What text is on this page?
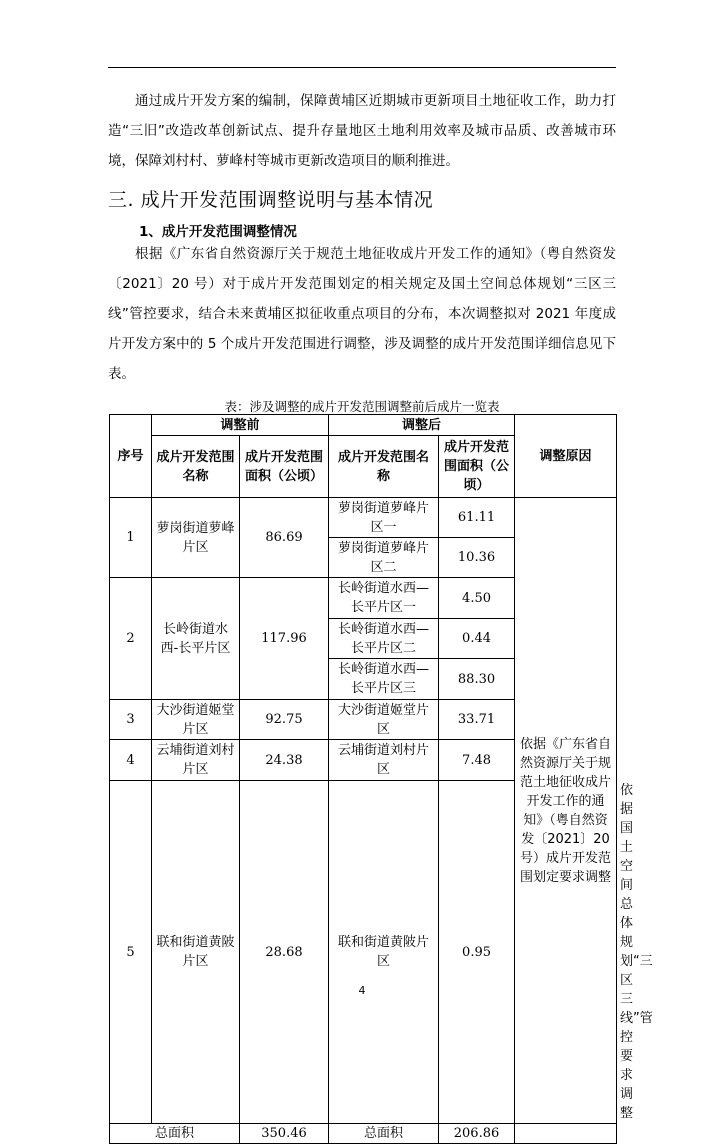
通过成片开发方案的编制，保障黄埔区近期城市更新项目土地征收工作，助力打造“三旧”改造改革创新试点、提升存量地区土地利用效率及城市品质、改善城市环境，保障刘村村、萝峰村等城市更新改造项目的顺利推进。

三. 成片开发范围调整说明与基本情况
1、成片开发范围调整情况

根据《广东省自然资源厅关于规范土地征收成片开发工作的通知》（粤自然资发〔2021〕20 号）对于成片开发范围划定的相关规定及国土空间总体规划“三区三线”管控要求，结合未来黄埔区拟征收重点项目的分布，本次调整拟对 2021 年度成片开发方案中的 5 个成片开发范围进行调整，涉及调整的成片开发范围详细信息见下表。

表：涉及调整的成片开发范围调整前后成片一览表

序号	调整前		调整后		调整原因	
	成片开发范围名称	成片开发范围面积（公顷）	成片开发范围名称	成片开发范围面积（公顷）		
1	萝岗街道萝峰片区	86.69	萝岗街道萝峰片区一	61.11	依据《广东省自然资源厅关于规范土地征收成片开发工作的通知》（粤自然资发〔2021〕20号）成片开发范围划定要求调整	
			萝岗街道萝峰片区二	10.36		
2	长岭街道水西-长平片区	117.96	长岭街道水西—长平片区一	4.50		
			长岭街道水西—长平片区二	0.44		
			长岭街道水西—长平片区三	88.30		
3	大沙街道姬堂片区	92.75	大沙街道姬堂片区	33.71		
4	云埔街道刘村片区	24.38	云埔街道刘村片区	7.48		
5	联和街道黄陂片区	28.68	联和街道黄陂片区	0.95		依据国土空间总体规划“三区三线”管控要求调整
总面积		350.46	总面积	206.86		
4
